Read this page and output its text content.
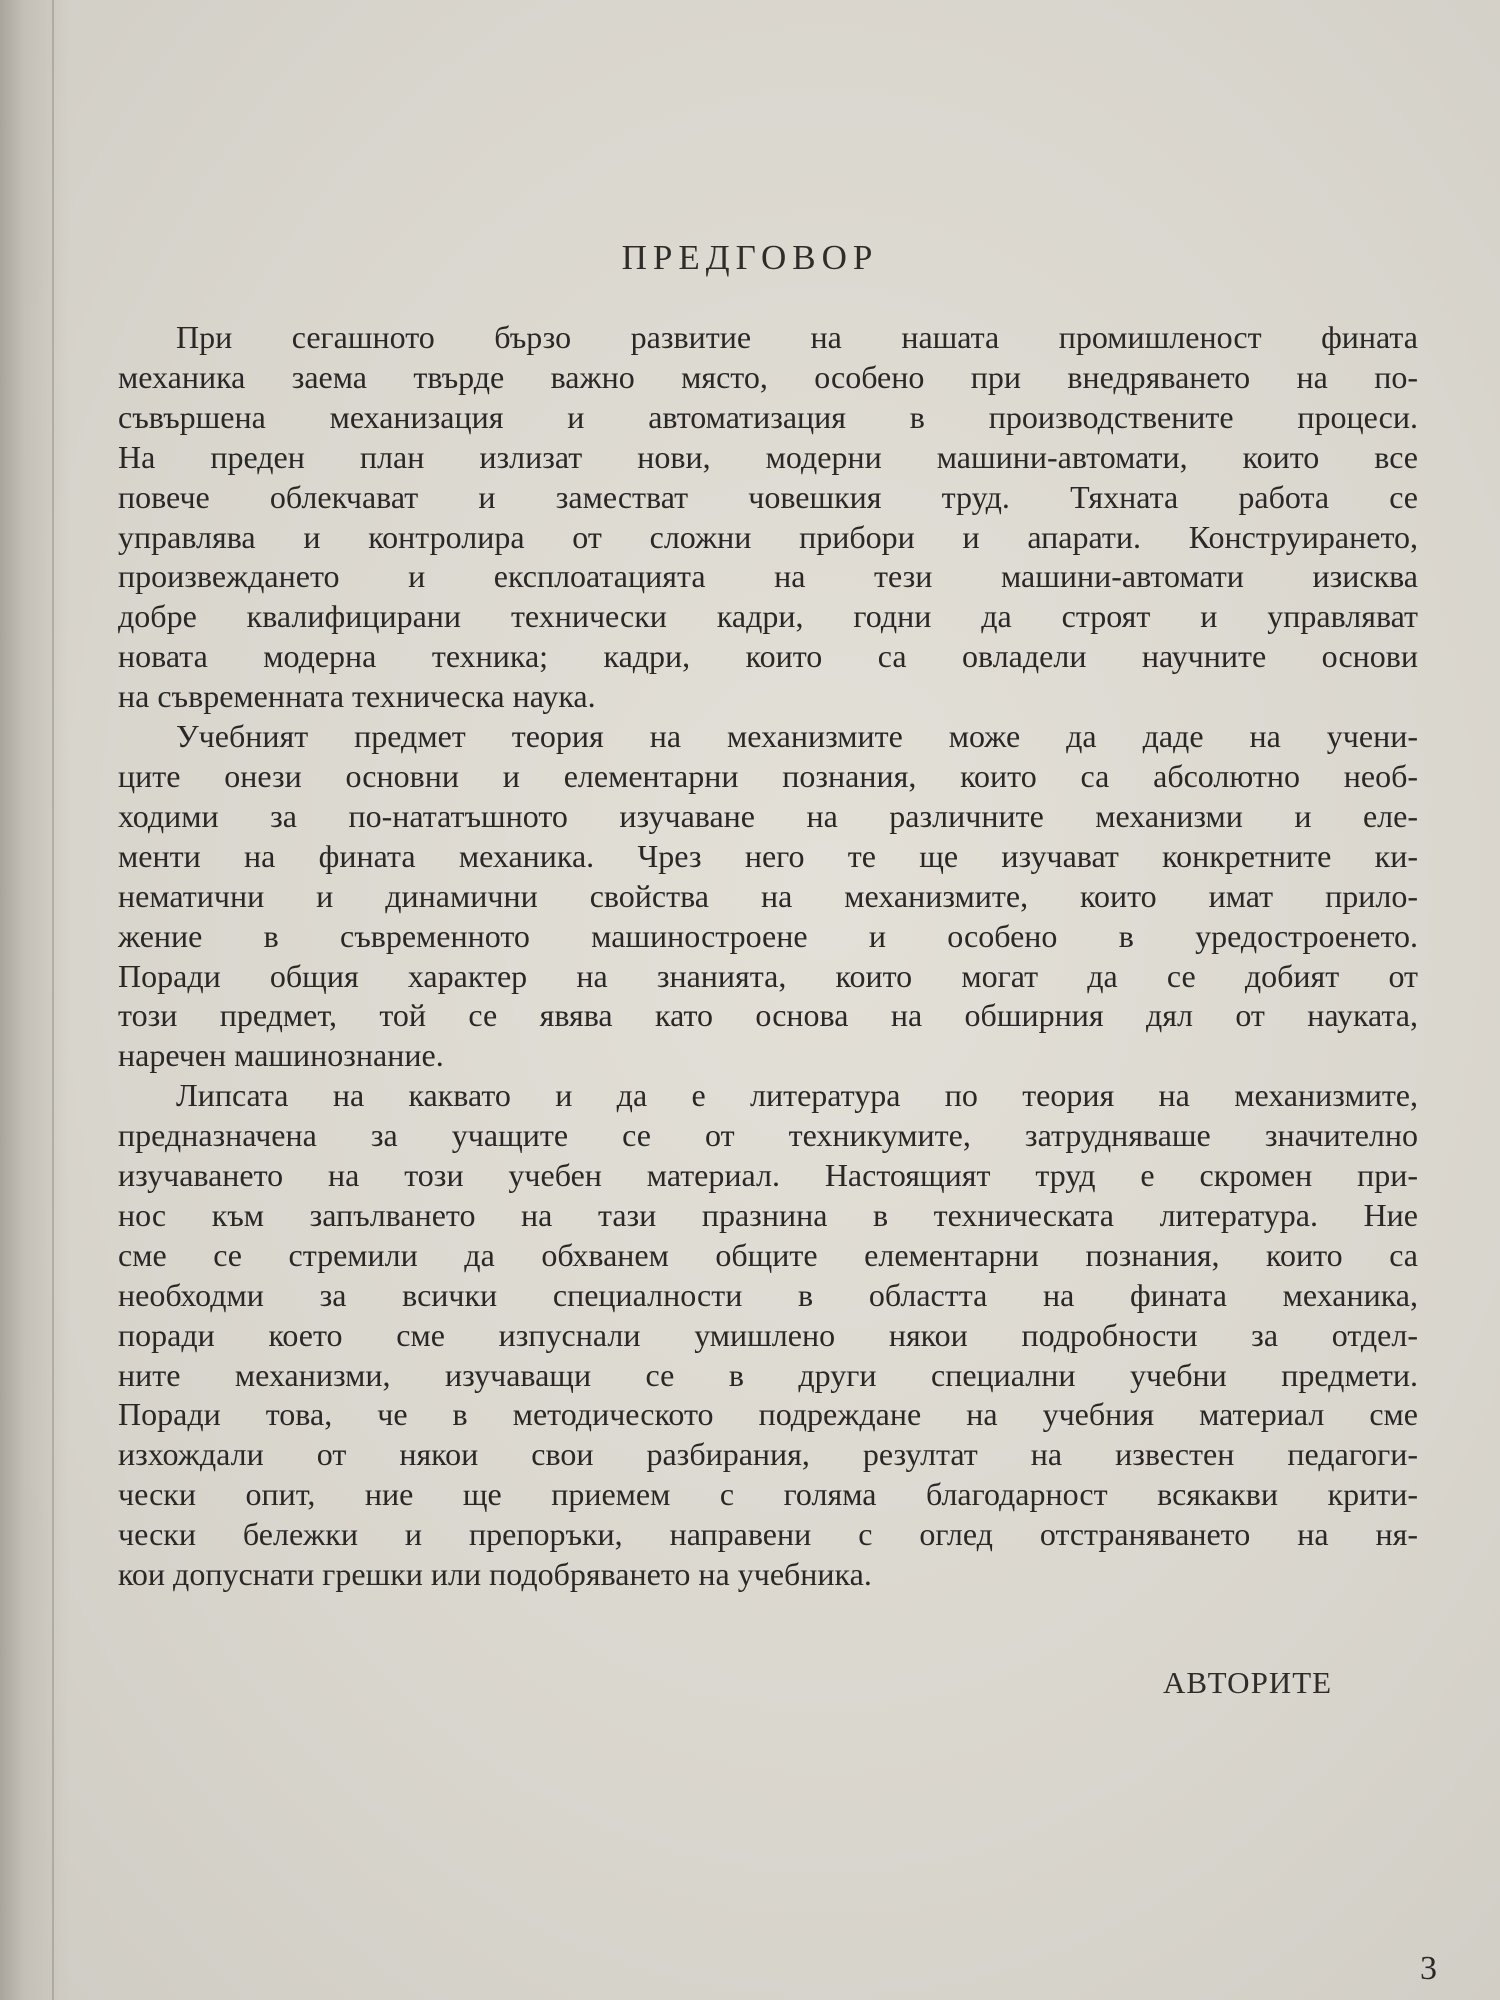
ПРЕДГОВОР

При сегашното бързо развитие на нашата промишленост фината
механика заема твърде важно място, особено при внедряването на по-
съвършена механизация и автоматизация в производствените процеси.
На преден план излизат нови, модерни машини-автомати, които все
повече облекчават и заместват човешкия труд. Тяхната работа се
управлява и контролира от сложни прибори и апарати. Конструирането,
произвеждането и експлоатацията на тези машини-автомати изисква
добре квалифицирани технически кадри, годни да строят и управляват
новата модерна техника; кадри, които са овладели научните основи
на съвременната техническа наука.

Учебният предмет теория на механизмите може да даде на учени-
ците онези основни и елементарни познания, които са абсолютно необ-
ходими за по-нататъшното изучаване на различните механизми и еле-
менти на фината механика. Чрез него те ще изучават конкретните ки-
нематични и динамични свойства на механизмите, които имат прило-
жение в съвременното машиностроене и особено в уредостроенето.
Поради общия характер на знанията, които могат да се добият от
този предмет, той се явява като основа на обширния дял от науката,
наречен машинознание.

Липсата на каквато и да е литература по теория на механизмите,
предназначена за учащите се от техникумите, затрудняваше значително
изучаването на този учебен материал. Настоящият труд е скромен при-
нос към запълването на тази празнина в техническата литература. Ние
сме се стремили да обхванем общите елементарни познания, които са
необходми за всички специалности в областта на фината механика,
поради което сме изпуснали умишлено някои подробности за отдел-
ните механизми, изучаващи се в други специални учебни предмети.
Поради това, че в методическото подреждане на учебния материал сме
изхождали от някои свои разбирания, резултат на известен педагоги-
чески опит, ние ще приемем с голяма благодарност всякакви крити-
чески бележки и препоръки, направени с оглед отстраняването на ня-
кои допуснати грешки или подобряването на учебника.

АВТОРИТЕ

3
